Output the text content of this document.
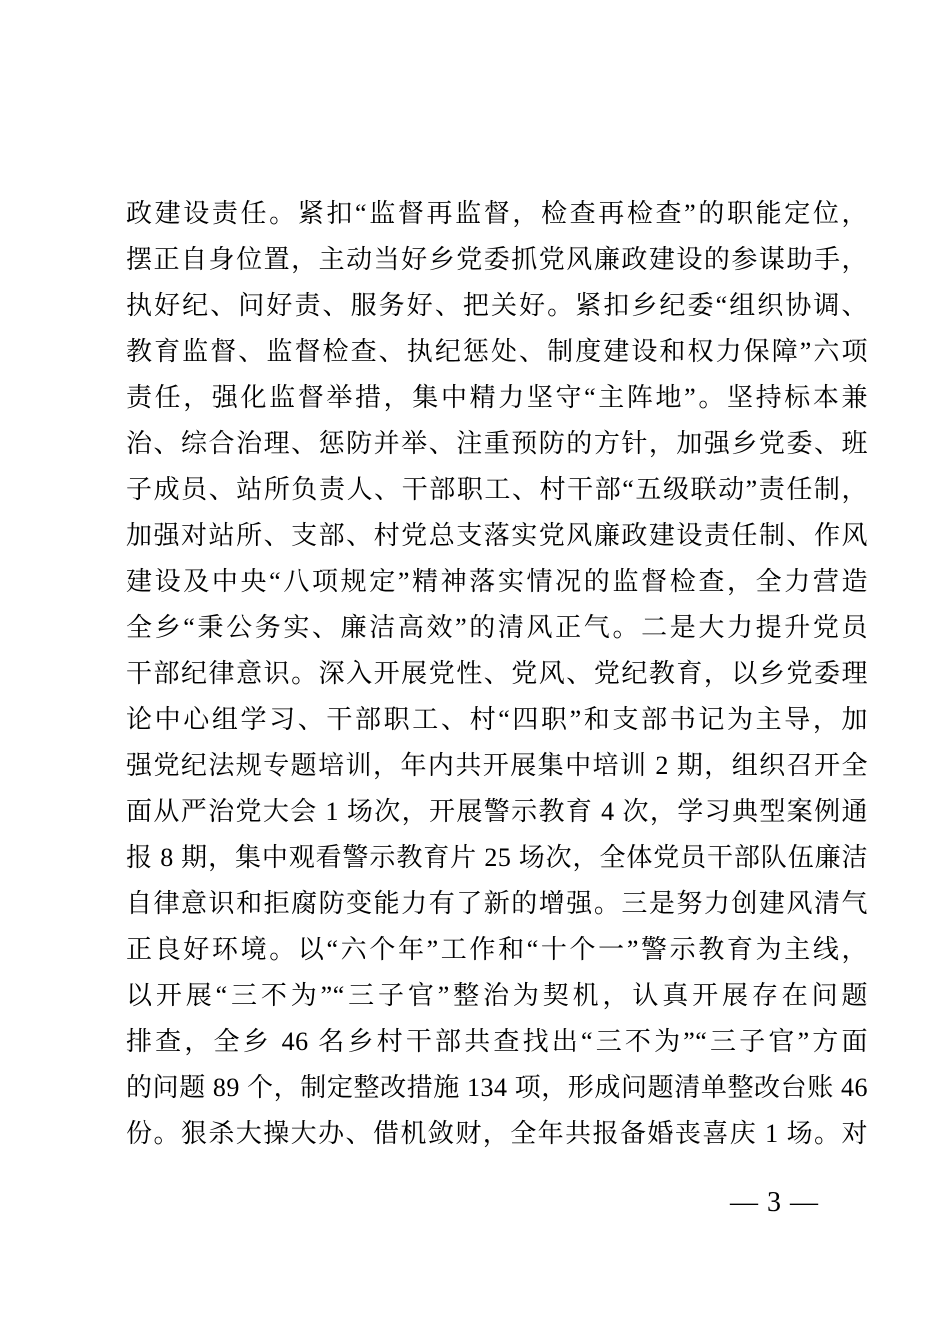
政建设责任。紧扣“监督再监督，检查再检查”的职能定位，
摆正自身位置，主动当好乡党委抓党风廉政建设的参谋助手，
执好纪、问好责、服务好、把关好。紧扣乡纪委“组织协调、
教育监督、监督检查、执纪惩处、制度建设和权力保障”六项
责任，强化监督举措，集中精力坚守“主阵地”。坚持标本兼
治、综合治理、惩防并举、注重预防的方针，加强乡党委、班
子成员、站所负责人、干部职工、村干部“五级联动”责任制，
加强对站所、支部、村党总支落实党风廉政建设责任制、作风
建设及中央“八项规定”精神落实情况的监督检查，全力营造
全乡“秉公务实、廉洁高效”的清风正气。二是大力提升党员
干部纪律意识。深入开展党性、党风、党纪教育，以乡党委理
论中心组学习、干部职工、村“四职”和支部书记为主导，加
强党纪法规专题培训，年内共开展集中培训 2 期，组织召开全
面从严治党大会 1 场次，开展警示教育 4 次，学习典型案例通
报 8 期，集中观看警示教育片 25 场次，全体党员干部队伍廉洁
自律意识和拒腐防变能力有了新的增强。三是努力创建风清气
正良好环境。以“六个年”工作和“十个一”警示教育为主线，
以开展“三不为”“三子官”整治为契机，认真开展存在问题
排查，全乡 46 名乡村干部共查找出“三不为”“三子官”方面
的问题 89 个，制定整改措施 134 项，形成问题清单整改台账 46
份。狠杀大操大办、借机敛财，全年共报备婚丧喜庆 1 场。对
— 3 —
